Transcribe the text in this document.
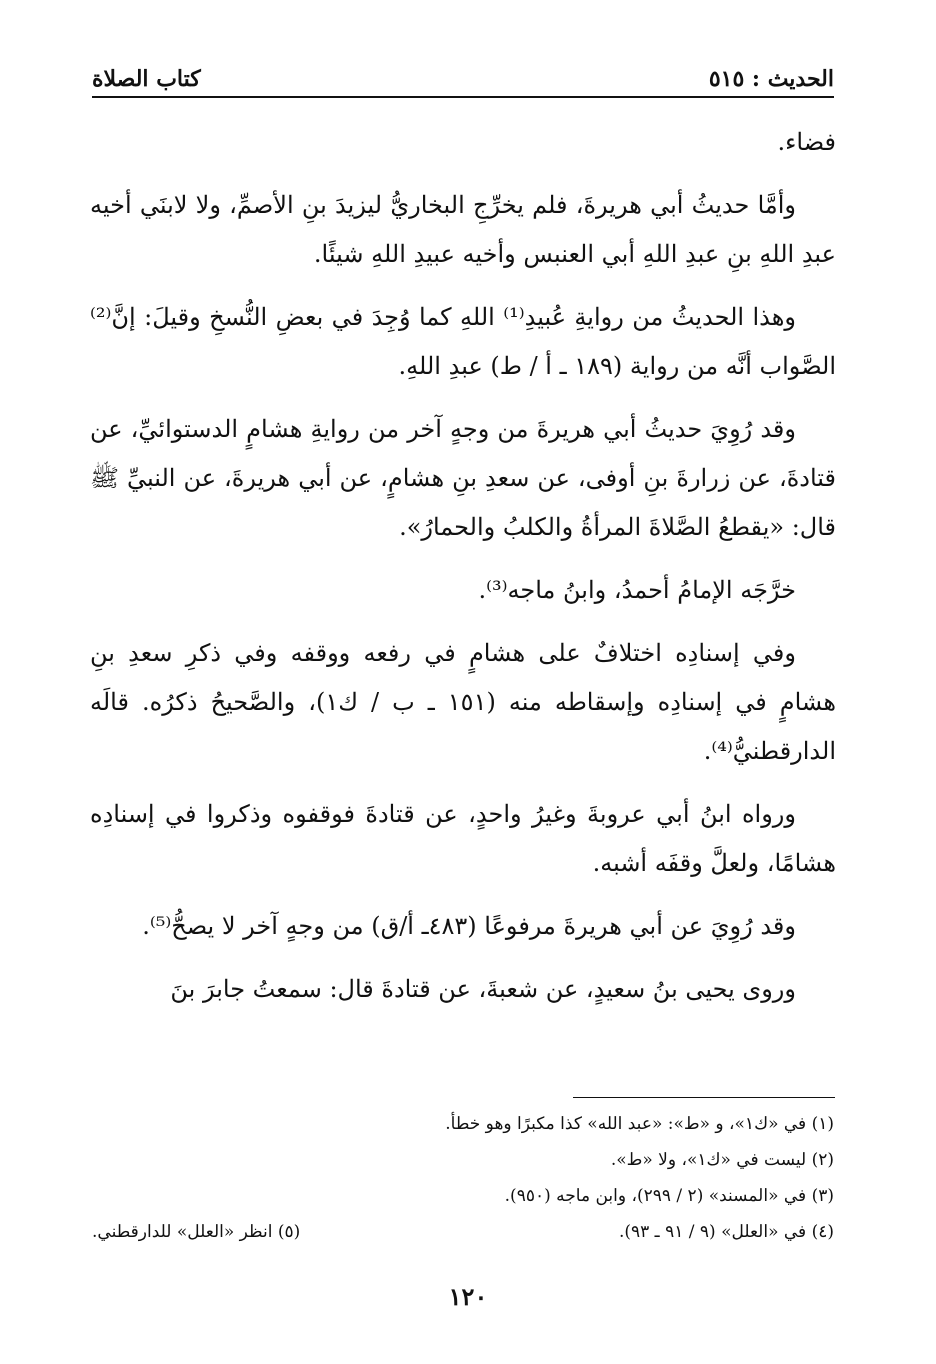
الحديث : ٥١٥
كتاب الصلاة

فضاء.

وأمَّا حديثُ أبي هريرةَ، فلم يخرِّجِ البخاريُّ ليزيدَ بنِ الأصمِّ، ولا لابنَي أخيه عبدِ اللهِ بنِ عبدِ اللهِ أبي العنبس وأخيه عبيدِ اللهِ شيئًا.

وهذا الحديثُ من روايةِ عُبيدِ⁽¹⁾ اللهِ كما وُجِدَ في بعضِ النُّسخِ وقيلَ: إنَّ⁽²⁾ الصَّواب أنَّه من رواية (١٨٩ ـ أ / ط) عبدِ اللهِ.

وقد رُوِيَ حديثُ أبي هريرةَ من وجهٍ آخر من روايةِ هشامٍ الدستوائيِّ، عن قتادةَ، عن زرارةَ بنِ أوفى، عن سعدِ بنِ هشامٍ، عن أبي هريرةَ، عن النبيِّ ﷺ قال: «يقطعُ الصَّلاةَ المرأةُ والكلبُ والحمارُ».

خرَّجَه الإمامُ أحمدُ، وابنُ ماجه⁽³⁾.

وفي إسنادِه اختلافٌ على هشامٍ في رفعه ووقفه وفي ذكرِ سعدِ بنِ هشامٍ في إسنادِه وإسقاطه منه (١٥١ ـ ب / ك١)، والصَّحيحُ ذكرُه. قالَه الدارقطنيُّ⁽⁴⁾.

ورواه ابنُ أبي عروبةَ وغيرُ واحدٍ، عن قتادةَ فوقفوه وذكروا في إسنادِه هشامًا، ولعلَّ وقفَه أشبه.

وقد رُوِيَ عن أبي هريرةَ مرفوعًا (٤٨٣ـ أ/ق) من وجهٍ آخر لا يصحُّ⁽⁵⁾.

وروى يحيى بنُ سعيدٍ، عن شعبةَ، عن قتادةَ قال: سمعتُ جابرَ بنَ

(١) في «ك١»، و «ط»: «عبد الله» كذا مكبرًا وهو خطأ.

(٢) ليست في «ك١»، ولا «ط».

(٣) في «المسند» (٢ / ٢٩٩)، وابن ماجه (٩٥٠).

(٤) في «العلل» (٩ / ٩١ ـ ٩٣).

(٥) انظر «العلل» للدارقطني.

١٢٠
